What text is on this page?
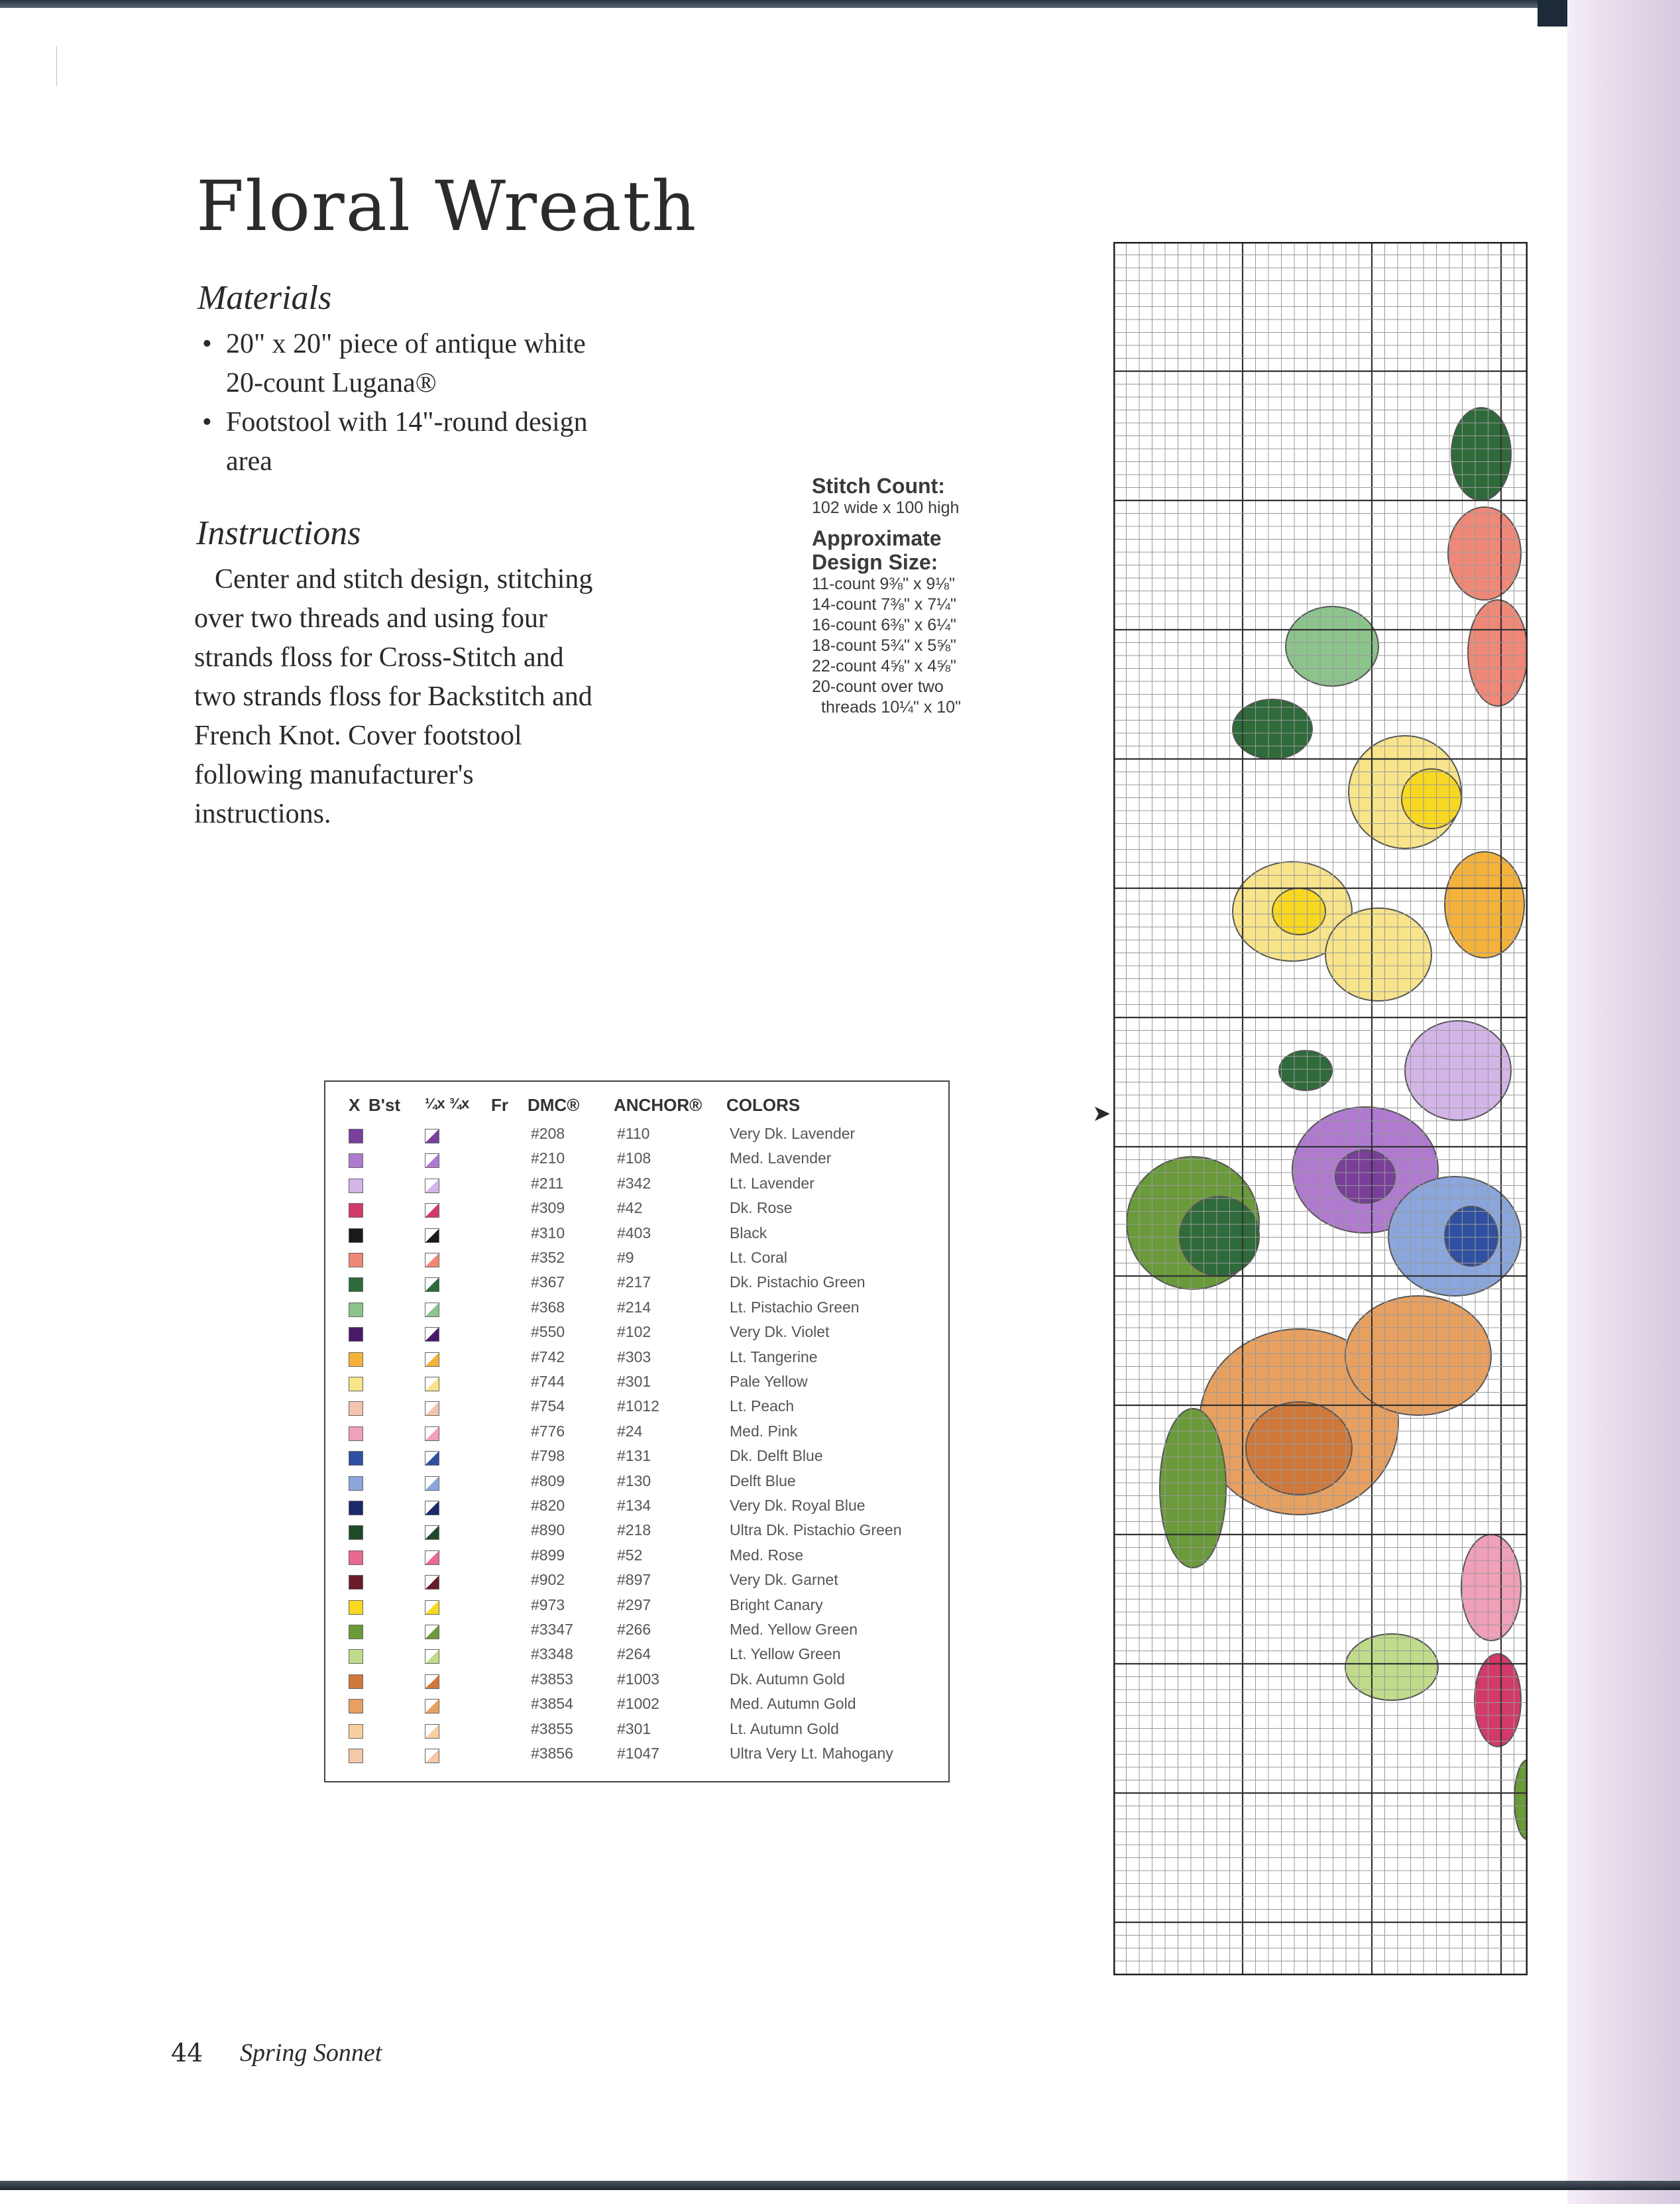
Floral Wreath
Materials
• 20" x 20" piece of antique white 20-count Lugana®
• Footstool with 14"-round design area
Instructions
Center and stitch design, stitching over two threads and using four strands floss for Cross-Stitch and two strands floss for Backstitch and French Knot. Cover footstool following manufacturer's instructions.
Stitch Count:
102 wide x 100 high
Approximate
Design Size:
11-count 9⅜" x 9⅛"
14-count 7⅜" x 7¼"
16-count 6⅜" x 6¼"
18-count 5¾" x 5⅝"
22-count 4⅝" x 4⅝"
20-count over two
threads 10¼" x 10"
X B'st ¼x ¾x Fr DMC® ANCHOR® COLORS
#208	#110	Very Dk. Lavender
#210	#108	Med. Lavender
#211	#342	Lt. Lavender
#309	#42	Dk. Rose
#310	#403	Black
#352	#9	Lt. Coral
#367	#217	Dk. Pistachio Green
#368	#214	Lt. Pistachio Green
#550	#102	Very Dk. Violet
#742	#303	Lt. Tangerine
#744	#301	Pale Yellow
#754	#1012	Lt. Peach
#776	#24	Med. Pink
#798	#131	Dk. Delft Blue
#809	#130	Delft Blue
#820	#134	Very Dk. Royal Blue
#890	#218	Ultra Dk. Pistachio Green
#899	#52	Med. Rose
#902	#897	Very Dk. Garnet
#973	#297	Bright Canary
#3347	#266	Med. Yellow Green
#3348	#264	Lt. Yellow Green
#3853	#1003	Dk. Autumn Gold
#3854	#1002	Med. Autumn Gold
#3855	#301	Lt. Autumn Gold
#3856	#1047	Ultra Very Lt. Mahogany
➤
44 Spring Sonnet
